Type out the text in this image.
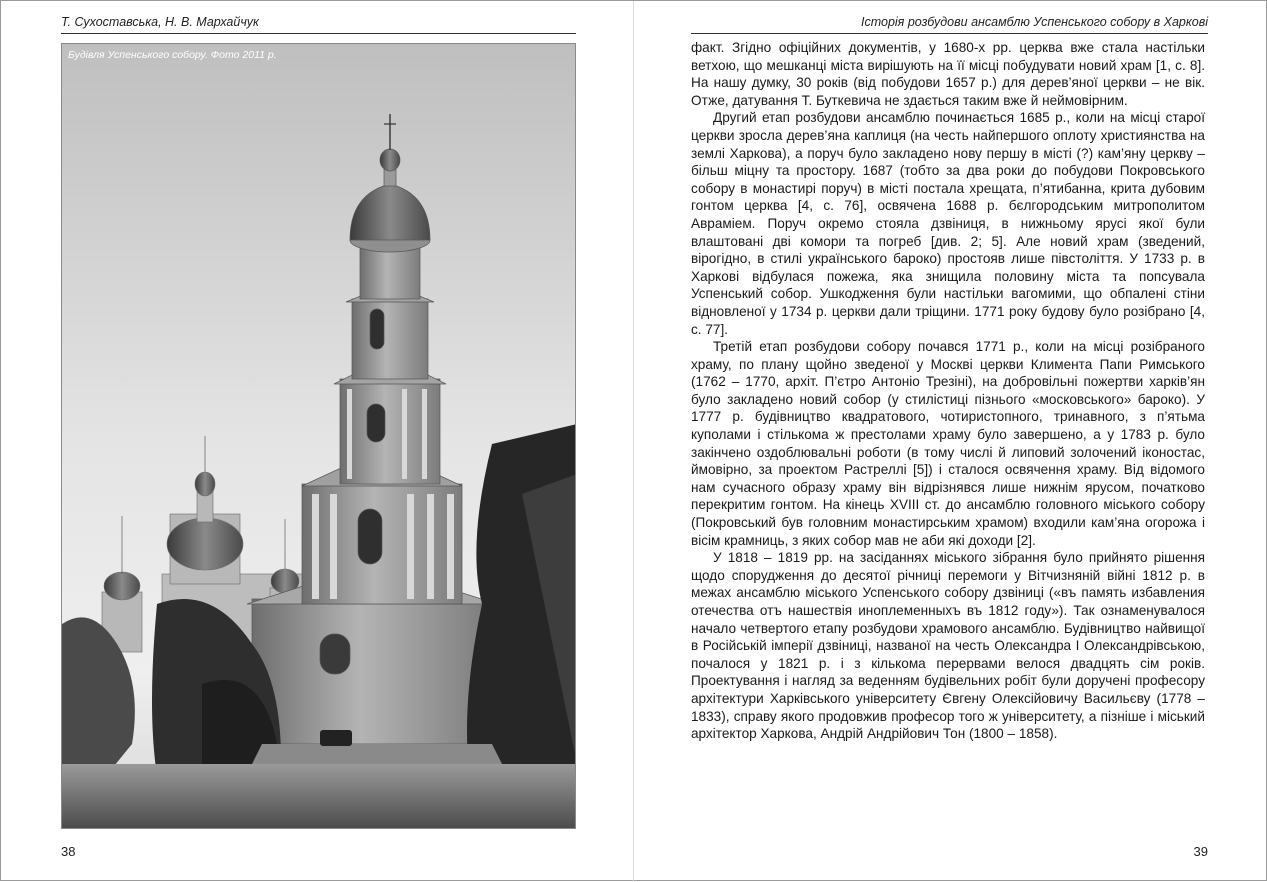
Т. Сухоставська, Н. В. Мархайчук
Будівля Успенського собору. Фото 2011 р.
38
Історія розбудови ансамблю Успенського собору в Харкові

факт. Згідно офіційних документів, у 1680-х рр. церква вже стала настільки ветхою, що мешканці міста вирішують на її місці побудувати новий храм [1, с. 8]. На нашу думку, 30 років (від побудови 1657 р.) для дерев’яної церкви – не вік. Отже, датування Т. Буткевича не здається таким вже й неймовірним.

Другий етап розбудови ансамблю починається 1685 р., коли на місці старої церкви зросла дерев’яна каплиця (на честь найпершого оплоту християнства на землі Харкова), а поруч було закладено нову першу в місті (?) кам’яну церкву – більш міцну та простору. 1687 (тобто за два роки до побудови Покровського собору в монастирі поруч) в місті постала хрещата, п’ятибанна, крита дубовим гонтом церква [4, с. 76], освячена 1688 р. бєлгородським митрополитом Авраміем. Поруч окремо стояла дзвіниця, в нижньому ярусі якої були влаштовані дві комори та погреб [див. 2; 5]. Але новий храм (зведений, вірогідно, в стилі українського бароко) простояв лише півстоліття. У 1733 р. в Харкові відбулася пожежа, яка знищила половину міста та попсувала Успенський собор. Ушкодження були настільки вагомими, що обпалені стіни відновленої у 1734 р. церкви дали тріщини. 1771 року будову було розібрано [4, с. 77].

Третій етап розбудови собору почався 1771 р., коли на місці розібраного храму, по плану щойно зведеної у Москві церкви Климента Папи Римського (1762 – 1770, архіт. П’єтро Антоніо Трезіні), на добровільні пожертви харків’ян було закладено новий собор (у стилістиці пізнього «московського» бароко). У 1777 р. будівництво квадратового, чотиристопного, тринавного, з п’ятьма куполами і стількома ж престолами храму було завершено, а у 1783 р. було закінчено оздоблювальні роботи (в тому числі й липовий золочений іконостас, ймовірно, за проектом Растреллі [5]) і сталося освячення храму. Від відомого нам сучасного образу храму він відрізнявся лише нижнім ярусом, початково перекритим гонтом. На кінець XVIII ст. до ансамблю головного міського собору (Покровський був головним монастирським храмом) входили кам’яна огорожа і вісім крамниць, з яких собор мав не аби які доходи [2].

У 1818 – 1819 рр. на засіданнях міського зібрання було прийнято рішення щодо спорудження до десятої річниці перемоги у Вітчизняній війні 1812 р. в межах ансамблю міського Успенського собору дзвіниці («въ память избавления отечества отъ нашествія иноплеменныхъ въ 1812 году»). Так ознаменувалося начало четвертого етапу розбудови храмового ансамблю. Будівництво найвищої в Російській імперії дзвіниці, названої на честь Олександра І Олександрівською, почалося у 1821 р. і з кількома перервами велося двадцять сім років. Проектування і нагляд за веденням будівельних робіт були доручені професору архітектури Харківського університету Євгену Олексійовичу Васильєву (1778 – 1833), справу якого продовжив професор того ж університету, а пізніше і міський архітектор Харкова, Андрій Андрійович Тон (1800 – 1858).

39
